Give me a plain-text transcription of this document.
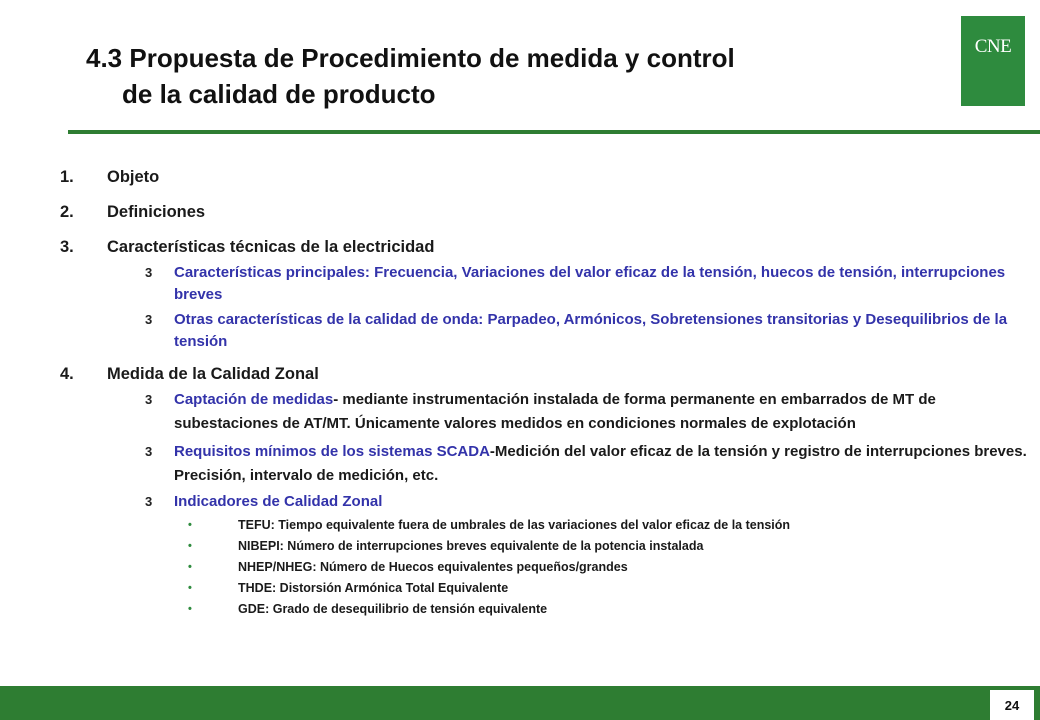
4.3 Propuesta de Procedimiento de medida y control
de la calidad de producto
CNE
1.	Objeto
2.	Definiciones
3.	Características técnicas de la electricidad
3 Características principales: Frecuencia, Variaciones del valor eficaz de la tensión, huecos de tensión, interrupciones breves
3 Otras características de la calidad de onda: Parpadeo, Armónicos, Sobretensiones transitorias y Desequilibrios de la tensión
4.	Medida de la Calidad Zonal
3 Captación de medidas- mediante instrumentación instalada de forma permanente en embarrados de MT de subestaciones de AT/MT. Únicamente valores medidos en condiciones normales de explotación
3 Requisitos mínimos de los sistemas SCADA-Medición del valor eficaz de la tensión y registro de interrupciones breves. Precisión, intervalo de medición, etc.
3 Indicadores de Calidad Zonal
•	TEFU: Tiempo equivalente fuera de umbrales de las variaciones del valor eficaz de la tensión
•	NIBEPI: Número de interrupciones breves equivalente de la potencia instalada
•	NHEP/NHEG: Número de Huecos equivalentes pequeños/grandes
•	THDE: Distorsión Armónica Total Equivalente
•	GDE: Grado de desequilibrio de tensión equivalente
24
